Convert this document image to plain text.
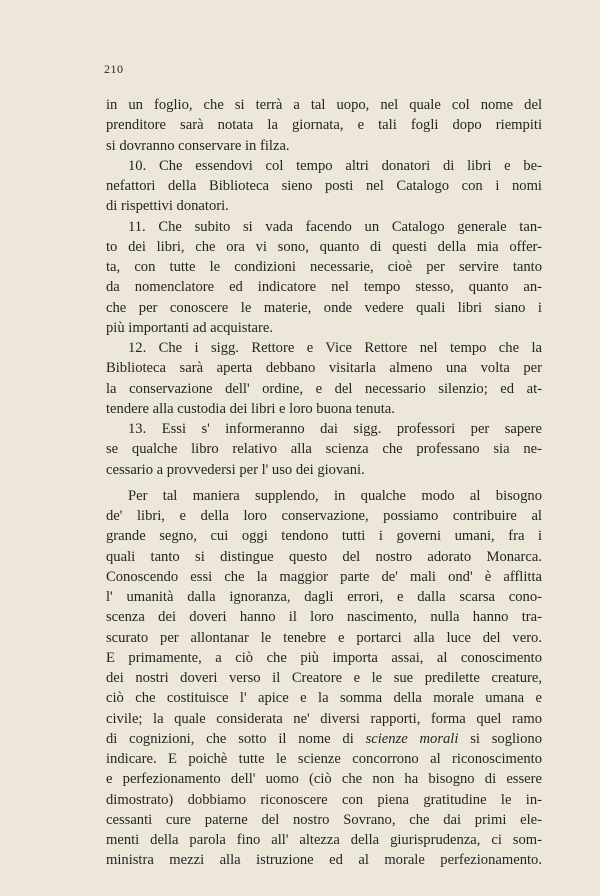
210
in un foglio, che si terrà a tal uopo, nel quale col nome del
prenditore sarà notata la giornata, e tali fogli dopo riempiti
si dovranno conservare in filza.
10. Che essendovi col tempo altri donatori di libri e be-
nefattori della Biblioteca sieno posti nel Catalogo con i nomi
di rispettivi donatori.
11. Che subito si vada facendo un Catalogo generale tan-
to dei libri, che ora vi sono, quanto di questi della mia offer-
ta, con tutte le condizioni necessarie, cioè per servire tanto
da nomenclatore ed indicatore nel tempo stesso, quanto an-
che per conoscere le materie, onde vedere quali libri siano i
più importanti ad acquistare.
12. Che i sigg. Rettore e Vice Rettore nel tempo che la
Biblioteca sarà aperta debbano visitarla almeno una volta per
la conservazione dell' ordine, e del necessario silenzio; ed at-
tendere alla custodia dei libri e loro buona tenuta.
13. Essi s' informeranno dai sigg. professori per sapere
se qualche libro relativo alla scienza che professano sia ne-
cessario a provvedersi per l' uso dei giovani.
Per tal maniera supplendo, in qualche modo al bisogno
de' libri, e della loro conservazione, possiamo contribuire al
grande segno, cui oggi tendono tutti i governi umani, fra i
quali tanto si distingue questo del nostro adorato Monarca.
Conoscendo essi che la maggior parte de' mali ond' è afflitta
l' umanità dalla ignoranza, dagli errori, e dalla scarsa cono-
scenza dei doveri hanno il loro nascimento, nulla hanno tra-
scurato per allontanar le tenebre e portarci alla luce del vero.
E primamente, a ciò che più importa assai, al conoscimento
dei nostri doveri verso il Creatore e le sue predilette creature,
ciò che costituisce l' apice e la somma della morale umana e
civile; la quale considerata ne' diversi rapporti, forma quel ramo
di cognizioni, che sotto il nome di scienze morali si sogliono
indicare. E poichè tutte le scienze concorrono al riconoscimento
e perfezionamento dell' uomo (ciò che non ha bisogno di essere
dimostrato) dobbiamo riconoscere con piena gratitudine le in-
cessanti cure paterne del nostro Sovrano, che dai primi ele-
menti della parola fino all' altezza della giurisprudenza, ci som-
ministra mezzi alla istruzione ed al morale perfezionamento.
